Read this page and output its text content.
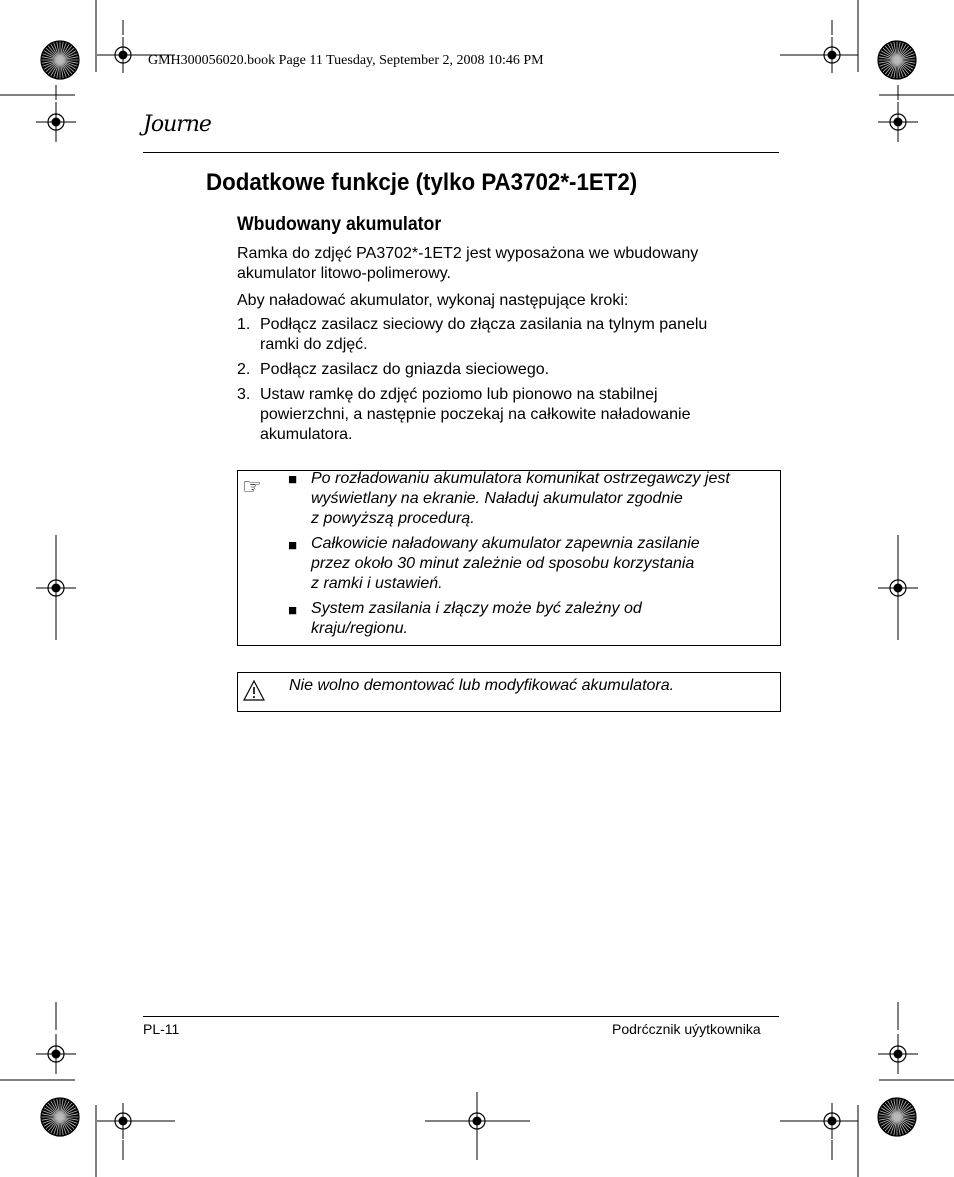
GMH300056020.book Page 11 Tuesday, September 2, 2008 10:46 PM
Journe
Dodatkowe funkcje (tylko PA3702*-1ET2)
Wbudowany akumulator
Ramka do zdjęć PA3702*-1ET2 jest wyposażona we wbudowany
akumulator litowo-polimerowy.
Aby naładować akumulator, wykonaj następujące kroki:
1. Podłącz zasilacz sieciowy do złącza zasilania na tylnym panelu
ramki do zdjęć.
2. Podłącz zasilacz do gniazda sieciowego.
3. Ustaw ramkę do zdjęć poziomo lub pionowo na stabilnej
powierzchni, a następnie poczekaj na całkowite naładowanie
akumulatora.
☞ ■ Po rozładowaniu akumulatora komunikat ostrzegawczy jest
wyświetlany na ekranie. Naładuj akumulator zgodnie
z powyższą procedurą.
■ Całkowicie naładowany akumulator zapewnia zasilanie
przez około 30 minut zależnie od sposobu korzystania
z ramki i ustawień.
■ System zasilania i złączy może być zależny od
kraju/regionu.
Nie wolno demontować lub modyfikować akumulatora.
PL-11	Podrćcznik uýytkownika
